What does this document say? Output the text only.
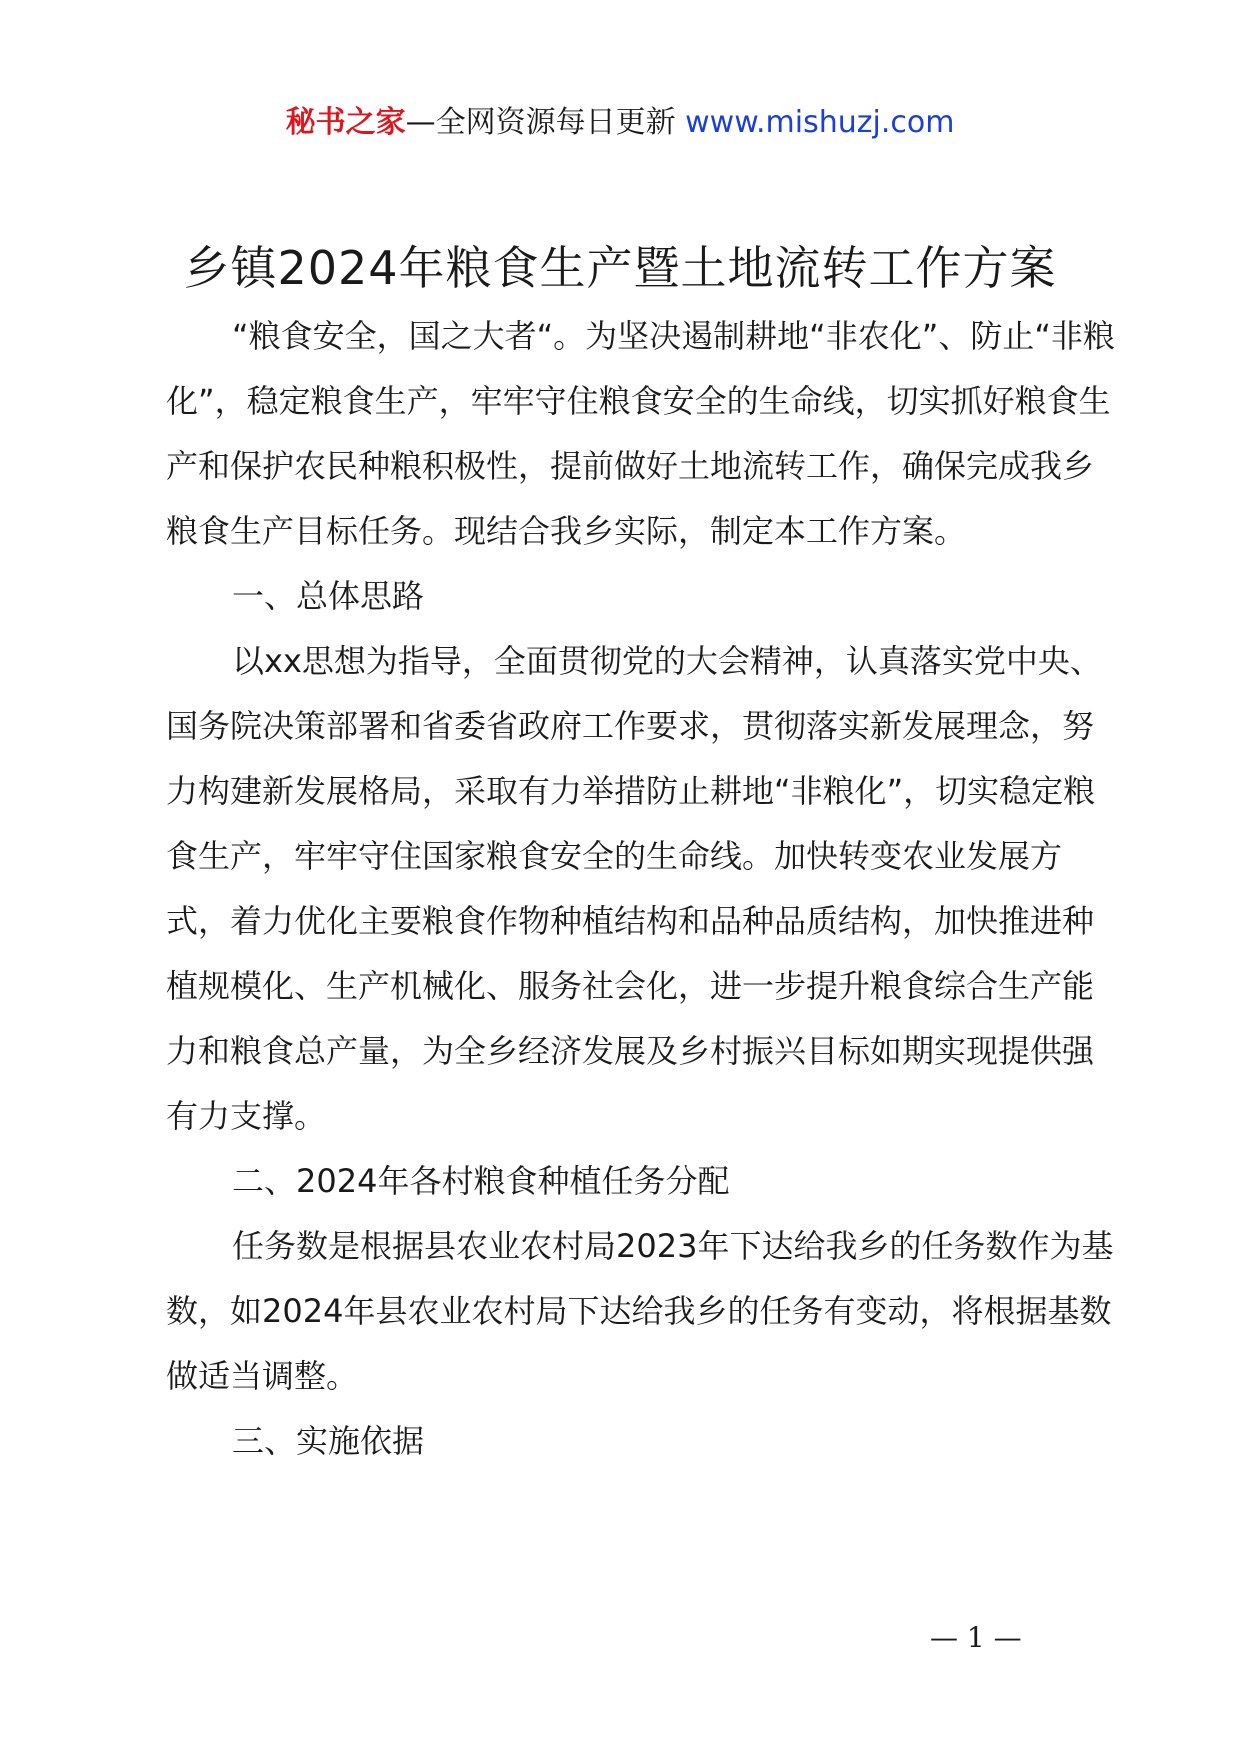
秘书之家—全网资源每日更新 www.mishuzj.com
乡镇2024年粮食生产暨土地流转工作方案

“粮食安全，国之大者“。为坚决遏制耕地“非农化”、防止“非粮化”，稳定粮食生产，牢牢守住粮食安全的生命线，切实抓好粮食生产和保护农民种粮积极性，提前做好土地流转工作，确保完成我乡粮食生产目标任务。现结合我乡实际，制定本工作方案。

一、总体思路

以xx思想为指导，全面贯彻党的大会精神，认真落实党中央、国务院决策部署和省委省政府工作要求，贯彻落实新发展理念，努力构建新发展格局，采取有力举措防止耕地“非粮化”，切实稳定粮食生产，牢牢守住国家粮食安全的生命线。加快转变农业发展方式，着力优化主要粮食作物种植结构和品种品质结构，加快推进种植规模化、生产机械化、服务社会化，进一步提升粮食综合生产能力和粮食总产量，为全乡经济发展及乡村振兴目标如期实现提供强有力支撑。

二、2024年各村粮食种植任务分配

任务数是根据县农业农村局2023年下达给我乡的任务数作为基数，如2024年县农业农村局下达给我乡的任务有变动，将根据基数做适当调整。

三、实施依据

— 1 —
